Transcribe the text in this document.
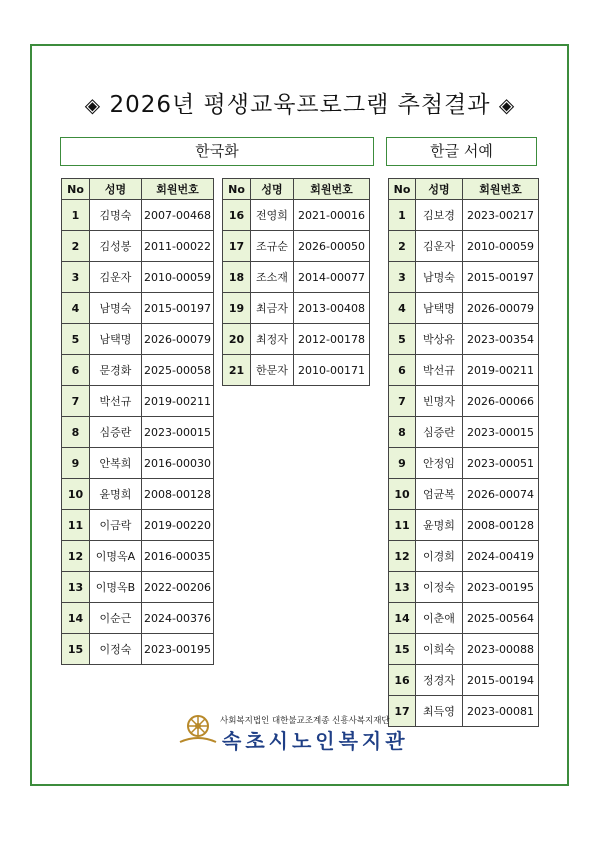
◈ 2026년 평생교육프로그램 추첨결과 ◈
한국화	한글 서예
No	성명	회원번호
1	김명숙	2007-00468
2	김성봉	2011-00022
3	김운자	2010-00059
4	남명숙	2015-00197
5	남택명	2026-00079
6	문경화	2025-00058
7	박선규	2019-00211
8	심증란	2023-00015
9	안복희	2016-00030
10	윤명희	2008-00128
11	이금락	2019-00220
12	이명옥A	2016-00035
13	이명옥B	2022-00206
14	이순근	2024-00376
15	이정숙	2023-00195
No	성명	회원번호
16	전영희	2021-00016
17	조규순	2026-00050
18	조소재	2014-00077
19	최금자	2013-00408
20	최정자	2012-00178
21	한문자	2010-00171
No	성명	회원번호
1	김보경	2023-00217
2	김운자	2010-00059
3	남명숙	2015-00197
4	남택명	2026-00079
5	박상유	2023-00354
6	박선규	2019-00211
7	빈명자	2026-00066
8	심증란	2023-00015
9	안정임	2023-00051
10	엄균복	2026-00074
11	윤명희	2008-00128
12	이경희	2024-00419
13	이정숙	2023-00195
14	이춘애	2025-00564
15	이희숙	2023-00088
16	정경자	2015-00194
17	최득영	2023-00081
사회복지법인 대한불교조계종 신흥사복지재단
속초시노인복지관
